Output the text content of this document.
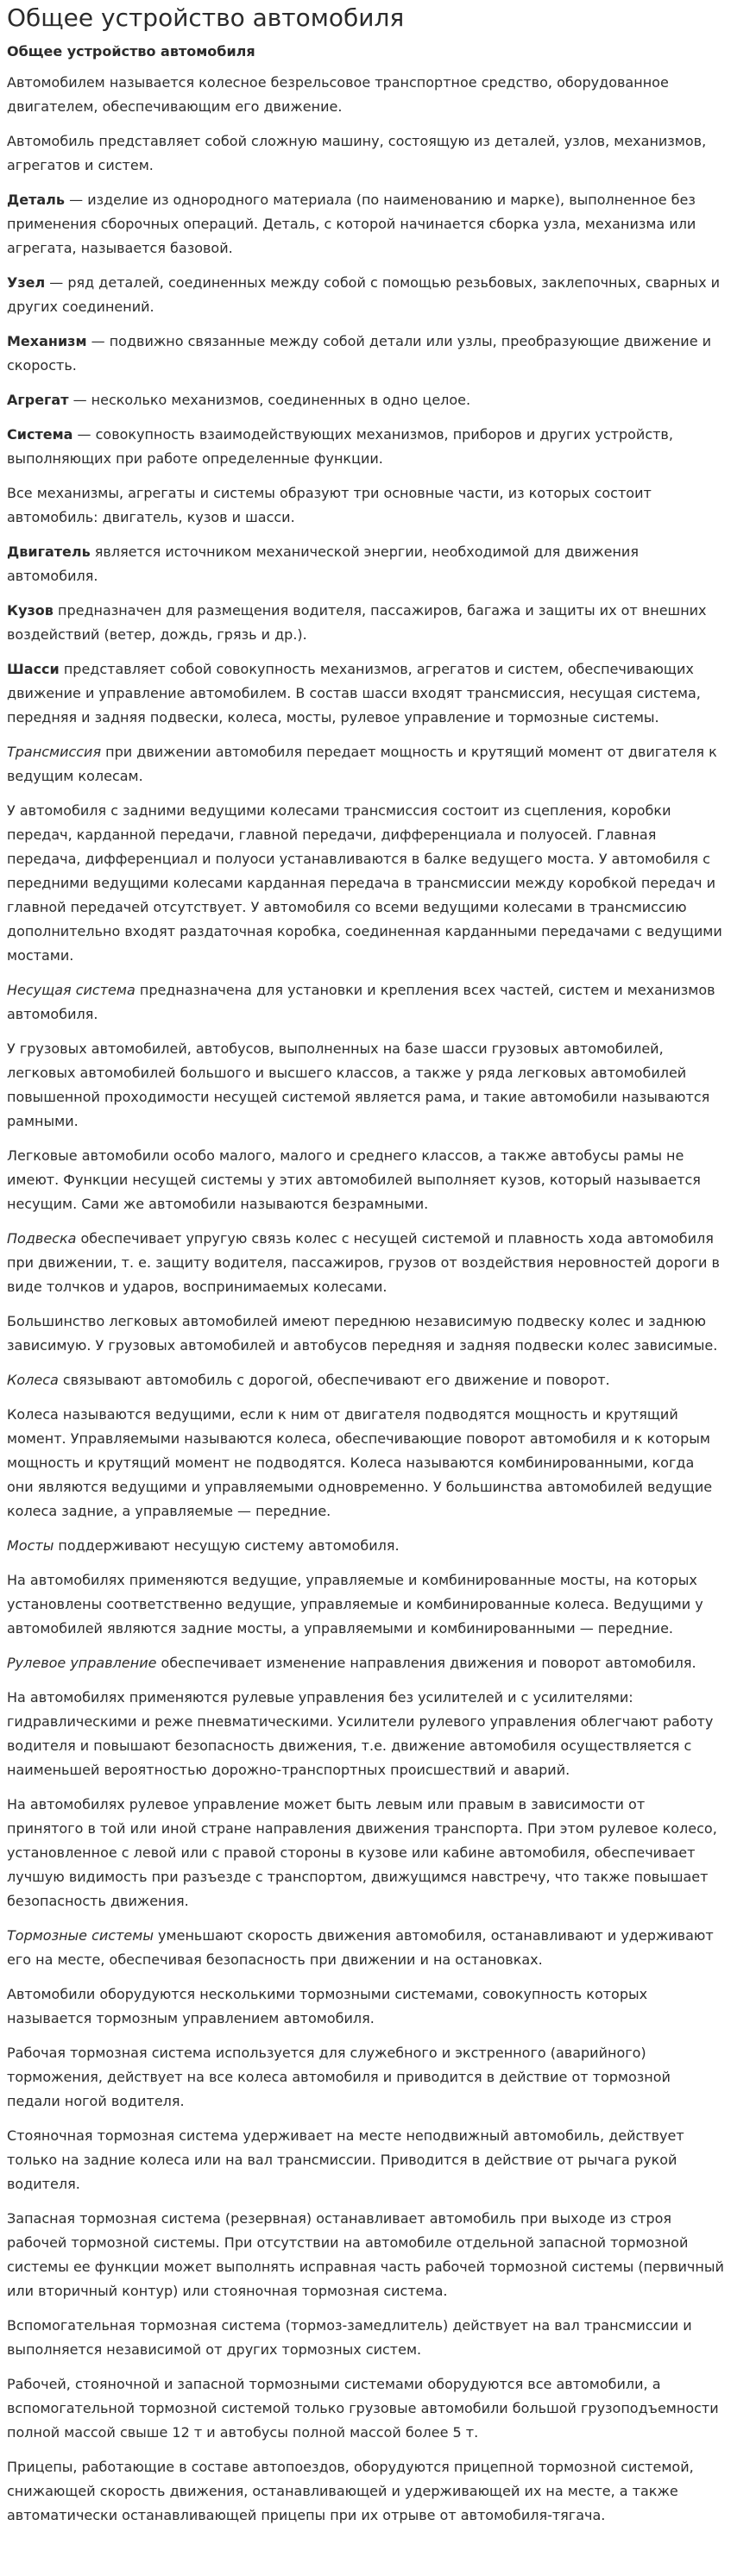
Общее устройство автомобиля

Общее устройство автомобиля

Автомобилем называется колесное безрельсовое транспортное средство, оборудованное двигателем, обеспечивающим его движение.

Автомобиль представляет собой сложную машину, состоящую из деталей, узлов, механизмов, агрегатов и систем.

Деталь — изделие из однородного материала (по наименованию и марке), выполненное без применения сборочных операций. Деталь, с которой начинается сборка узла, механизма или агрегата, называется базовой.

Узел — ряд деталей, соединенных между собой с помощью резьбовых, заклепочных, сварных и других соединений.

Механизм — подвижно связанные между собой детали или узлы, преобразующие движение и скорость.

Агрегат — несколько механизмов, соединенных в одно целое.

Система — совокупность взаимодействующих механизмов, приборов и других устройств, выполняющих при работе определенные функции.

Все механизмы, агрегаты и системы образуют три основные части, из которых состоит автомобиль: двигатель, кузов и шасси.

Двигатель является источником механической энергии, необходимой для движения автомобиля.

Кузов предназначен для размещения водителя, пассажиров, багажа и защиты их от внешних воздействий (ветер, дождь, грязь и др.).

Шасси представляет собой совокупность механизмов, агрегатов и систем, обеспечивающих движение и управление автомобилем. В состав шасси входят трансмиссия, несущая система, передняя и задняя подвески, колеса, мосты, рулевое управление и тормозные системы.

Трансмиссия при движении автомобиля передает мощность и крутящий момент от двигателя к ведущим колесам.

У автомобиля с задними ведущими колесами трансмиссия состоит из сцепления, коробки передач, карданной передачи, главной передачи, дифференциала и полуосей. Главная передача, дифференциал и полуоси устанавливаются в балке ведущего моста. У автомобиля с передними ведущими колесами карданная передача в трансмиссии между коробкой передач и главной передачей отсутствует. У автомобиля со всеми ведущими колесами в трансмиссию дополнительно входят раздаточная коробка, соединенная карданными передачами с ведущими мостами.

Несущая система предназначена для установки и крепления всех частей, систем и механизмов автомобиля.

У грузовых автомобилей, автобусов, выполненных на базе шасси грузовых автомобилей, легковых автомобилей большого и высшего классов, а также у ряда легковых автомобилей повышенной проходимости несущей системой является рама, и такие автомобили называются рамными.

Легковые автомобили особо малого, малого и среднего классов, а также автобусы рамы не имеют. Функции несущей системы у этих автомобилей выполняет кузов, который называется несущим. Сами же автомобили называются безрамными.

Подвеска обеспечивает упругую связь колес с несущей системой и плавность хода автомобиля при движении, т. е. защиту водителя, пассажиров, грузов от воздействия неровностей дороги в виде толчков и ударов, воспринимаемых колесами.

Большинство легковых автомобилей имеют переднюю независимую подвеску колес и заднюю зависимую. У грузовых автомобилей и автобусов передняя и задняя подвески колес зависимые.

Колеса связывают автомобиль с дорогой, обеспечивают его движение и поворот.

Колеса называются ведущими, если к ним от двигателя подводятся мощность и крутящий момент. Управляемыми называются колеса, обеспечивающие поворот автомобиля и к которым мощность и крутящий момент не подводятся. Колеса называются комбинированными, когда они являются ведущими и управляемыми одновременно. У большинства автомобилей ведущие колеса задние, а управляемые — передние.

Мосты поддерживают несущую систему автомобиля.

На автомобилях применяются ведущие, управляемые и комбинированные мосты, на которых установлены соответственно ведущие, управляемые и комбинированные колеса. Ведущими у автомобилей являются задние мосты, а управляемыми и комбинированными — передние.

Рулевое управление обеспечивает изменение направления движения и поворот автомобиля.

На автомобилях применяются рулевые управления без усилителей и с усилителями: гидравлическими и реже пневматическими. Усилители рулевого управления облегчают работу водителя и повышают безопасность движения, т.е. движение автомобиля осуществляется с наименьшей вероятностью дорожно-транспортных происшествий и аварий.

На автомобилях рулевое управление может быть левым или правым в зависимости от принятого в той или иной стране направления движения транспорта. При этом рулевое колесо, установленное с левой или с правой стороны в кузове или кабине автомобиля, обеспечивает лучшую видимость при разъезде с транспортом, движущимся навстречу, что также повышает безопасность движения.

Тормозные системы уменьшают скорость движения автомобиля, останавливают и удерживают его на месте, обеспечивая безопасность при движении и на остановках.

Автомобили оборудуются несколькими тормозными системами, совокупность которых называется тормозным управлением автомобиля.

Рабочая тормозная система используется для служебного и экстренного (аварийного) торможения, действует на все колеса автомобиля и приводится в действие от тормозной педали ногой водителя.

Стояночная тормозная система удерживает на месте неподвижный автомобиль, действует только на задние колеса или на вал трансмиссии. Приводится в действие от рычага рукой водителя.

Запасная тормозная система (резервная) останавливает автомобиль при выходе из строя рабочей тормозной системы. При отсутствии на автомобиле отдельной запасной тормозной системы ее функции может выполнять исправная часть рабочей тормозной системы (первичный или вторичный контур) или стояночная тормозная система.

Вспомогательная тормозная система (тормоз-замедлитель) действует на вал трансмиссии и выполняется независимой от других тормозных систем.

Рабочей, стояночной и запасной тормозными системами оборудуются все автомобили, а вспомогательной тормозной системой только грузовые автомобили большой грузоподъемности полной массой свыше 12 т и автобусы полной массой более 5 т.

Прицепы, работающие в составе автопоездов, оборудуются прицепной тормозной системой, снижающей скорость движения, останавливающей и удерживающей их на месте, а также автоматически останавливающей прицепы при их отрыве от автомобиля-тягача.
